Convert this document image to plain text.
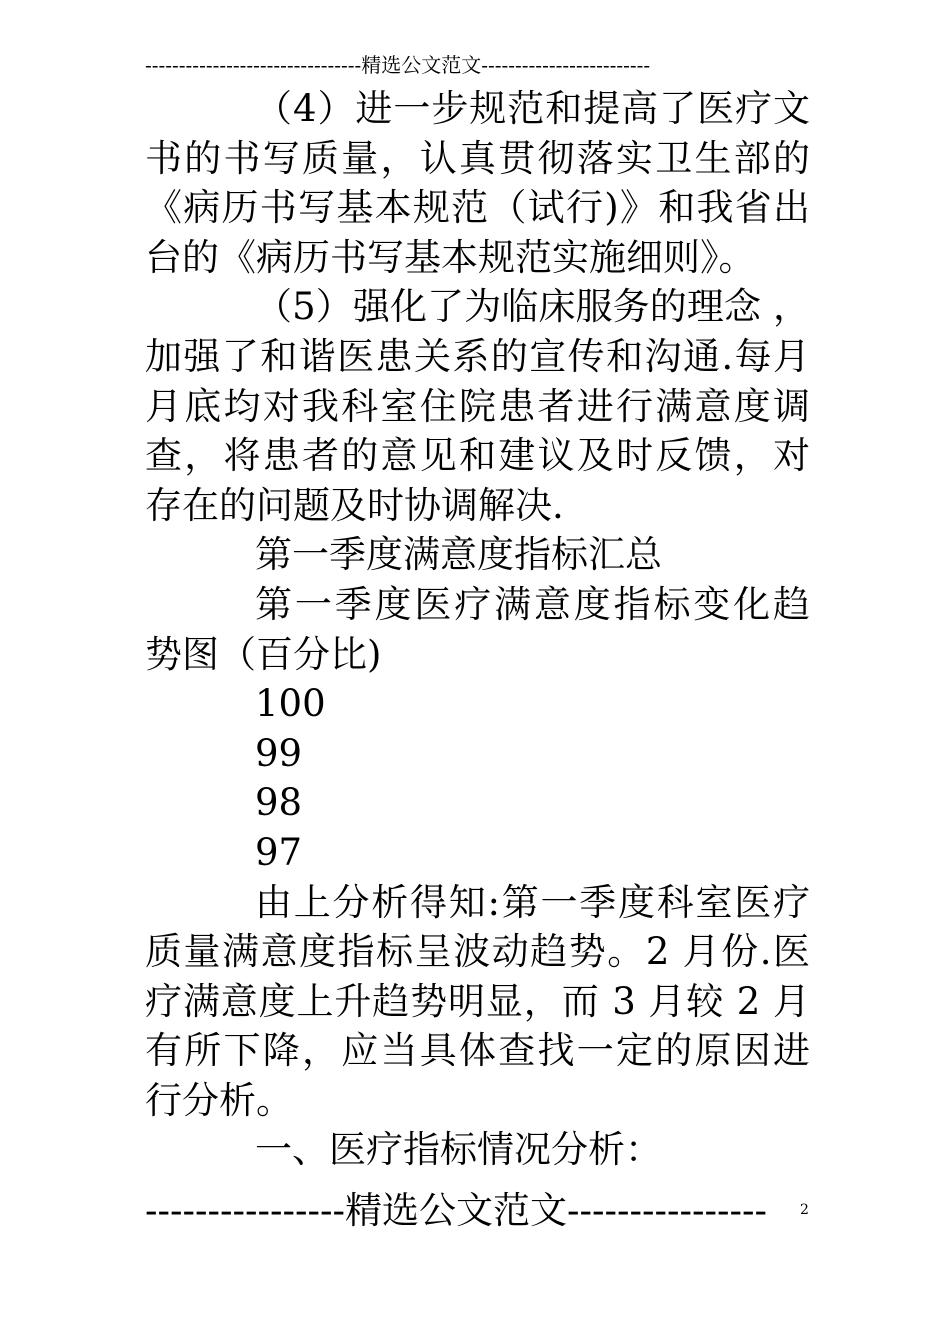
--------------------------------精选公文范文-------------------------
（4）进一步规范和提高了医疗文
书的书写质量，认真贯彻落实卫生部的
《病历书写基本规范（试行)》和我省出
台的《病历书写基本规范实施细则》。
（5）强化了为临床服务的理念 ，
加强了和谐医患关系的宣传和沟通.每月
月底均对我科室住院患者进行满意度调
查，将患者的意见和建议及时反馈，对
存在的问题及时协调解决.
第一季度满意度指标汇总
第一季度医疗满意度指标变化趋
势图（百分比)
100
99
98
97
由上分析得知:第一季度科室医疗
质量满意度指标呈波动趋势。2 月份.医
疗满意度上升趋势明显，而 3 月较 2 月
有所下降，应当具体查找一定的原因进
行分析。
一、医疗指标情况分析：
----------------精选公文范文----------------	2
